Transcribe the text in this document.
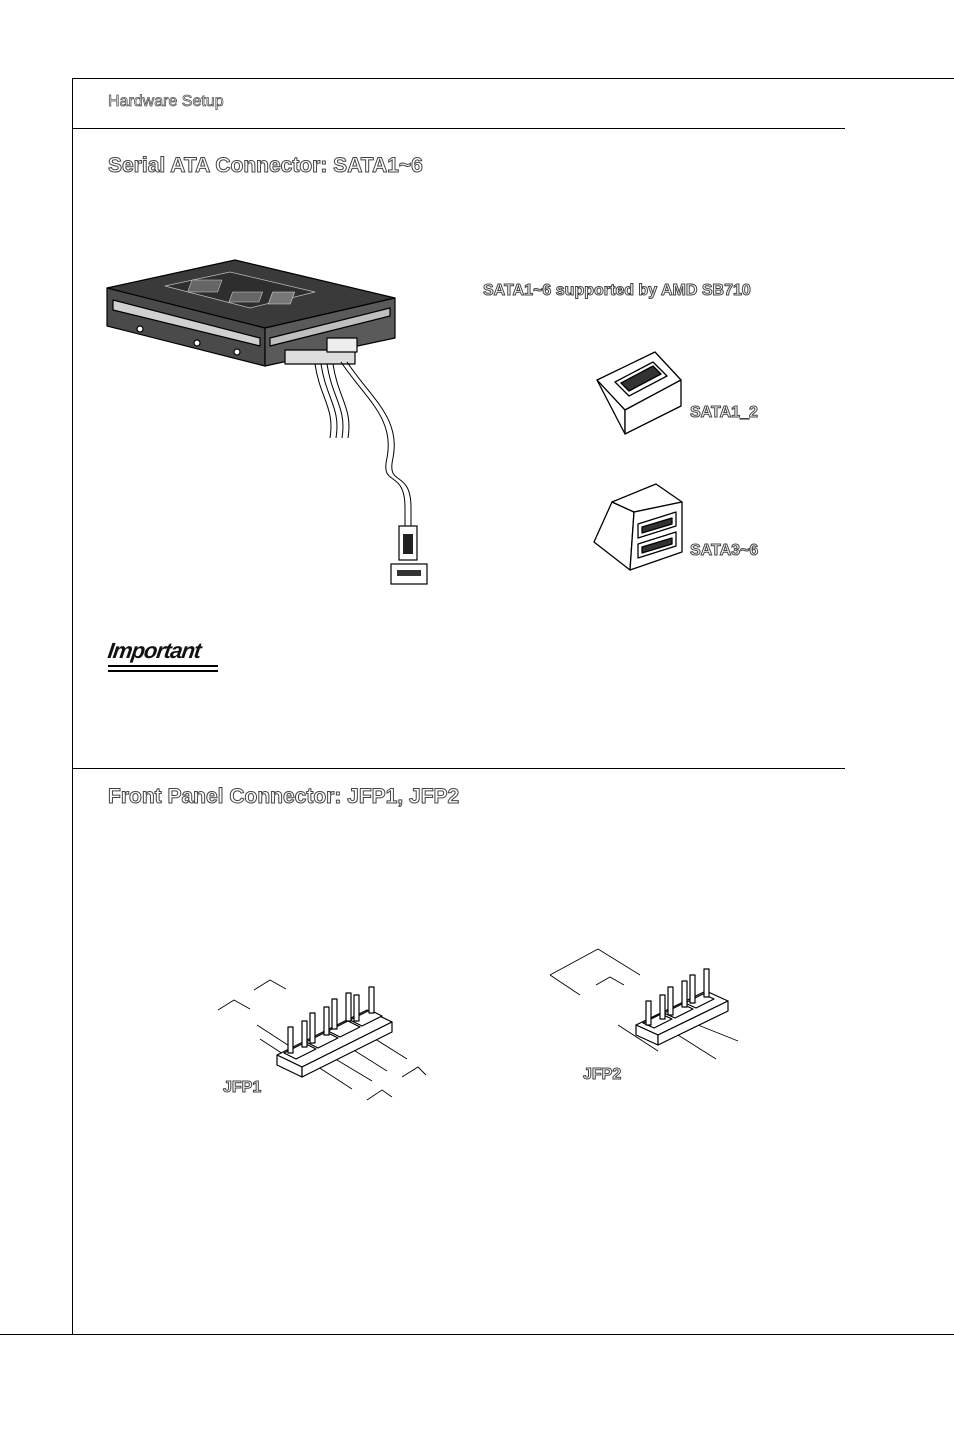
Hardware Setup
Serial ATA Connector: SATA1~6
SATA1~6 supported by AMD SB710
SATA1_2
SATA3~6
Important
Front Panel Connector: JFP1, JFP2
JFP1
JFP2
